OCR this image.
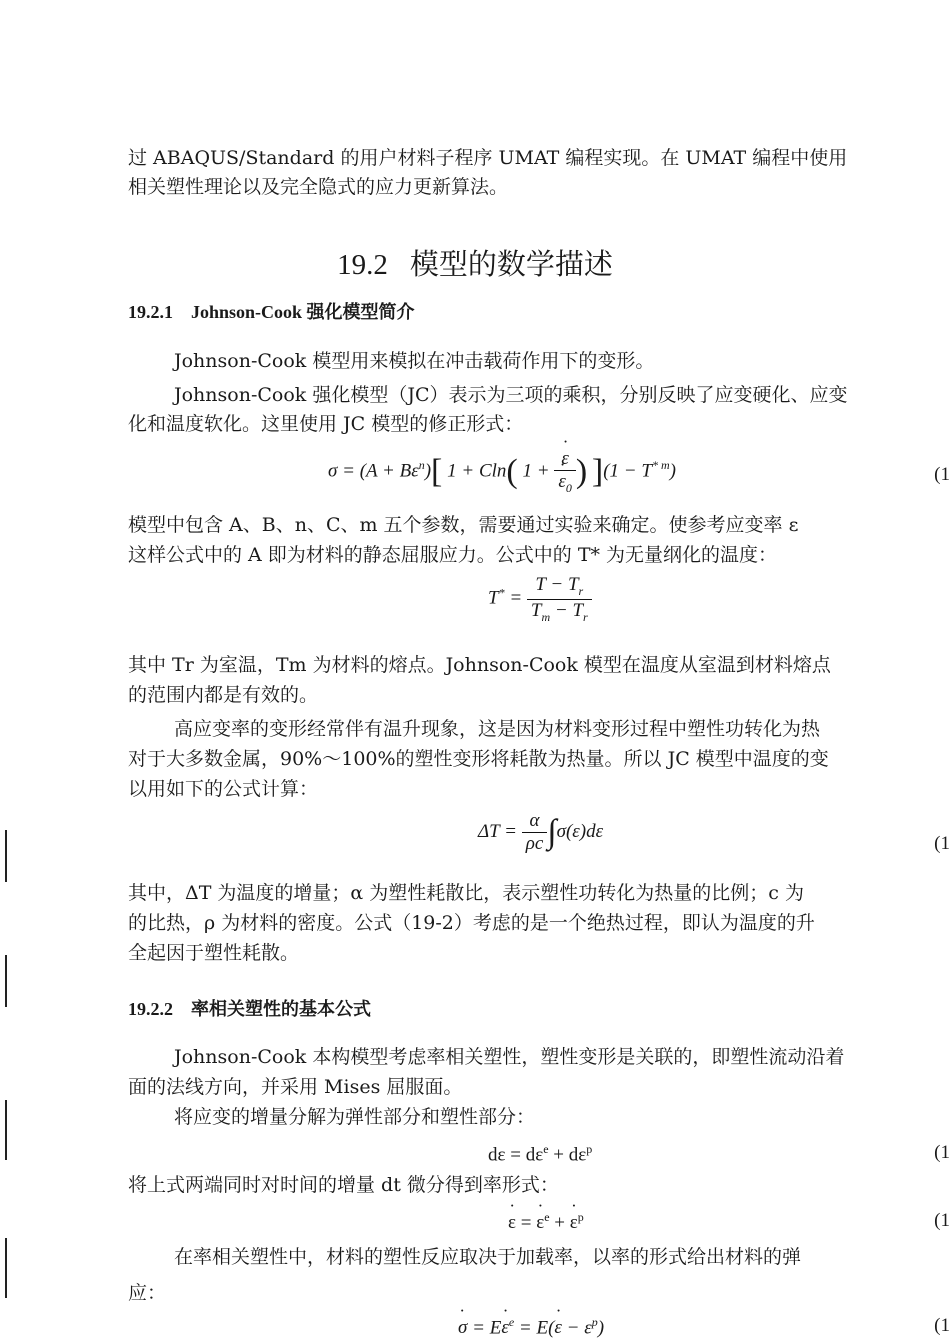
过 ABAQUS/Standard 的用户材料子程序 UMAT 编程实现。在 UMAT 编程中使用
相关塑性理论以及完全隐式的应力更新算法。
19.2 模型的数学描述
19.2.1　Johnson-Cook 强化模型简介
Johnson-Cook 模型用来模拟在冲击载荷作用下的变形。
Johnson-Cook 强化模型（JC）表示为三项的乘积，分别反映了应变硬化、应变
化和温度软化。这里使用 JC 模型的修正形式：
$\sigma = (A + B\varepsilon^n)$[ 1 + Cln( 1 +
˙ ε
˙ $\varepsilon_0$ ) ]$(1 - T^{* m})$	(1
模型中包含 A、B、n、C、m 五个参数，需要通过实验来确定。使参考应变率 ε
这样公式中的 A 即为材料的静态屈服应力。公式中的 T* 为无量纲化的温度：
$T^* = \frac{T - T_r}{T_m - T_r}$
其中 Tr 为室温，Tm 为材料的熔点。Johnson-Cook 模型在温度从室温到材料熔点
的范围内都是有效的。
高应变率的变形经常伴有温升现象，这是因为材料变形过程中塑性功转化为热
对于大多数金属，90%～100%的塑性变形将耗散为热量。所以 JC 模型中温度的变
以用如下的公式计算：
$\Delta T = \frac{\alpha}{\rho c} \int\sigma(\varepsilon)d\varepsilon$
(1
其中，ΔT 为温度的增量；α 为塑性耗散比，表示塑性功转化为热量的比例；c 为
的比热，ρ 为材料的密度。公式（19-2）考虑的是一个绝热过程，即认为温度的升
全起因于塑性耗散。
19.2.2　率相关塑性的基本公式
Johnson-Cook 本构模型考虑率相关塑性，塑性变形是关联的，即塑性流动沿着
面的法线方向，并采用 Mises 屈服面。
将应变的增量分解为弹性部分和塑性部分：
$d\varepsilon = d\varepsilon^e + d\varepsilon^p$	(1
将上式两端同时对时间的增量 dt 微分得到率形式：
˙ ε = ˙ $\varepsilon^e$ + ˙ $\varepsilon^p$	(1
在率相关塑性中，材料的塑性反应取决于加载率，以率的形式给出材料的弹
应：
˙ σ = E˙ $\varepsilon^e$ = E(˙ $\varepsilon - \varepsilon^p$)	(1
